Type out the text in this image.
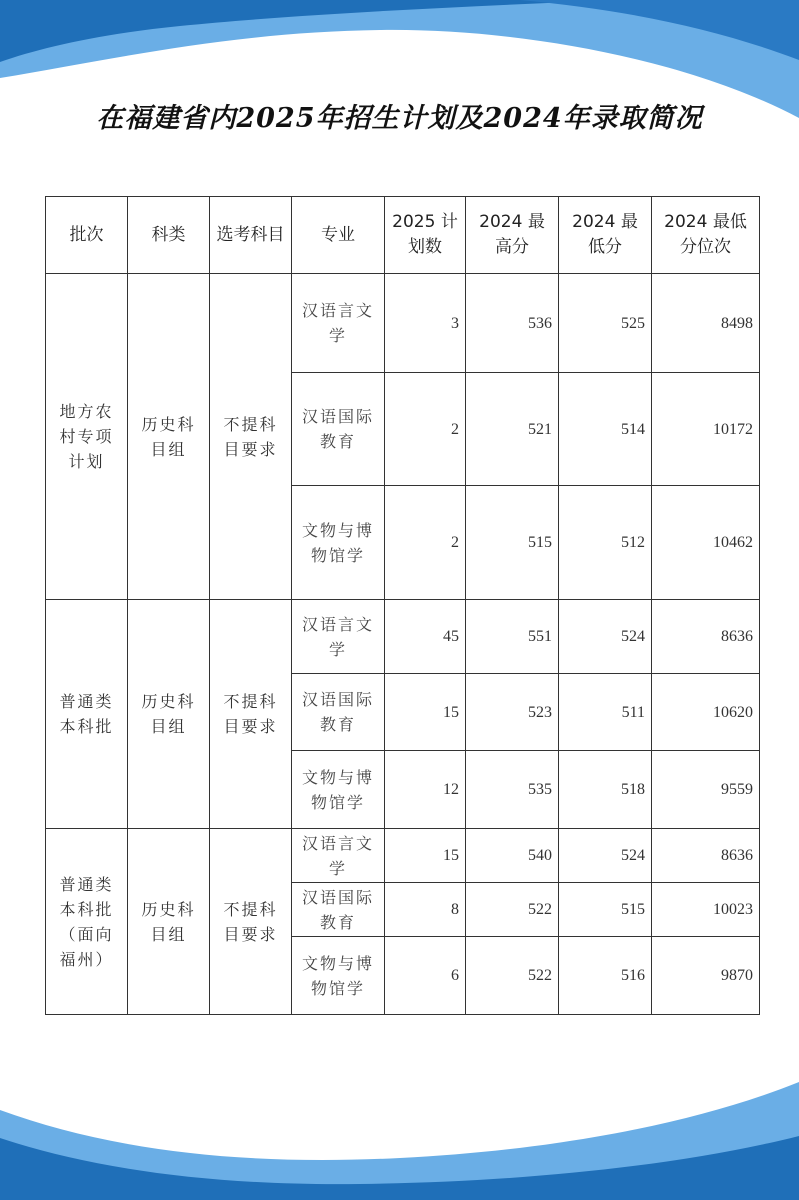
在福建省内2025年招生计划及2024年录取简况
批次	科类	选考科目	专业	2025 计划数	2024 最高分	2024 最低分	2024 最低分位次
地方农村专项计划	历史科目组	不提科目要求	汉语言文学	3	536	525	8498
			汉语国际教育	2	521	514	10172
			文物与博物馆学	2	515	512	10462
普通类本科批	历史科目组	不提科目要求	汉语言文学	45	551	524	8636
			汉语国际教育	15	523	511	10620
			文物与博物馆学	12	535	518	9559
普通类本科批（面向福州）	历史科目组	不提科目要求	汉语言文学	15	540	524	8636
			汉语国际教育	8	522	515	10023
			文物与博物馆学	6	522	516	9870
